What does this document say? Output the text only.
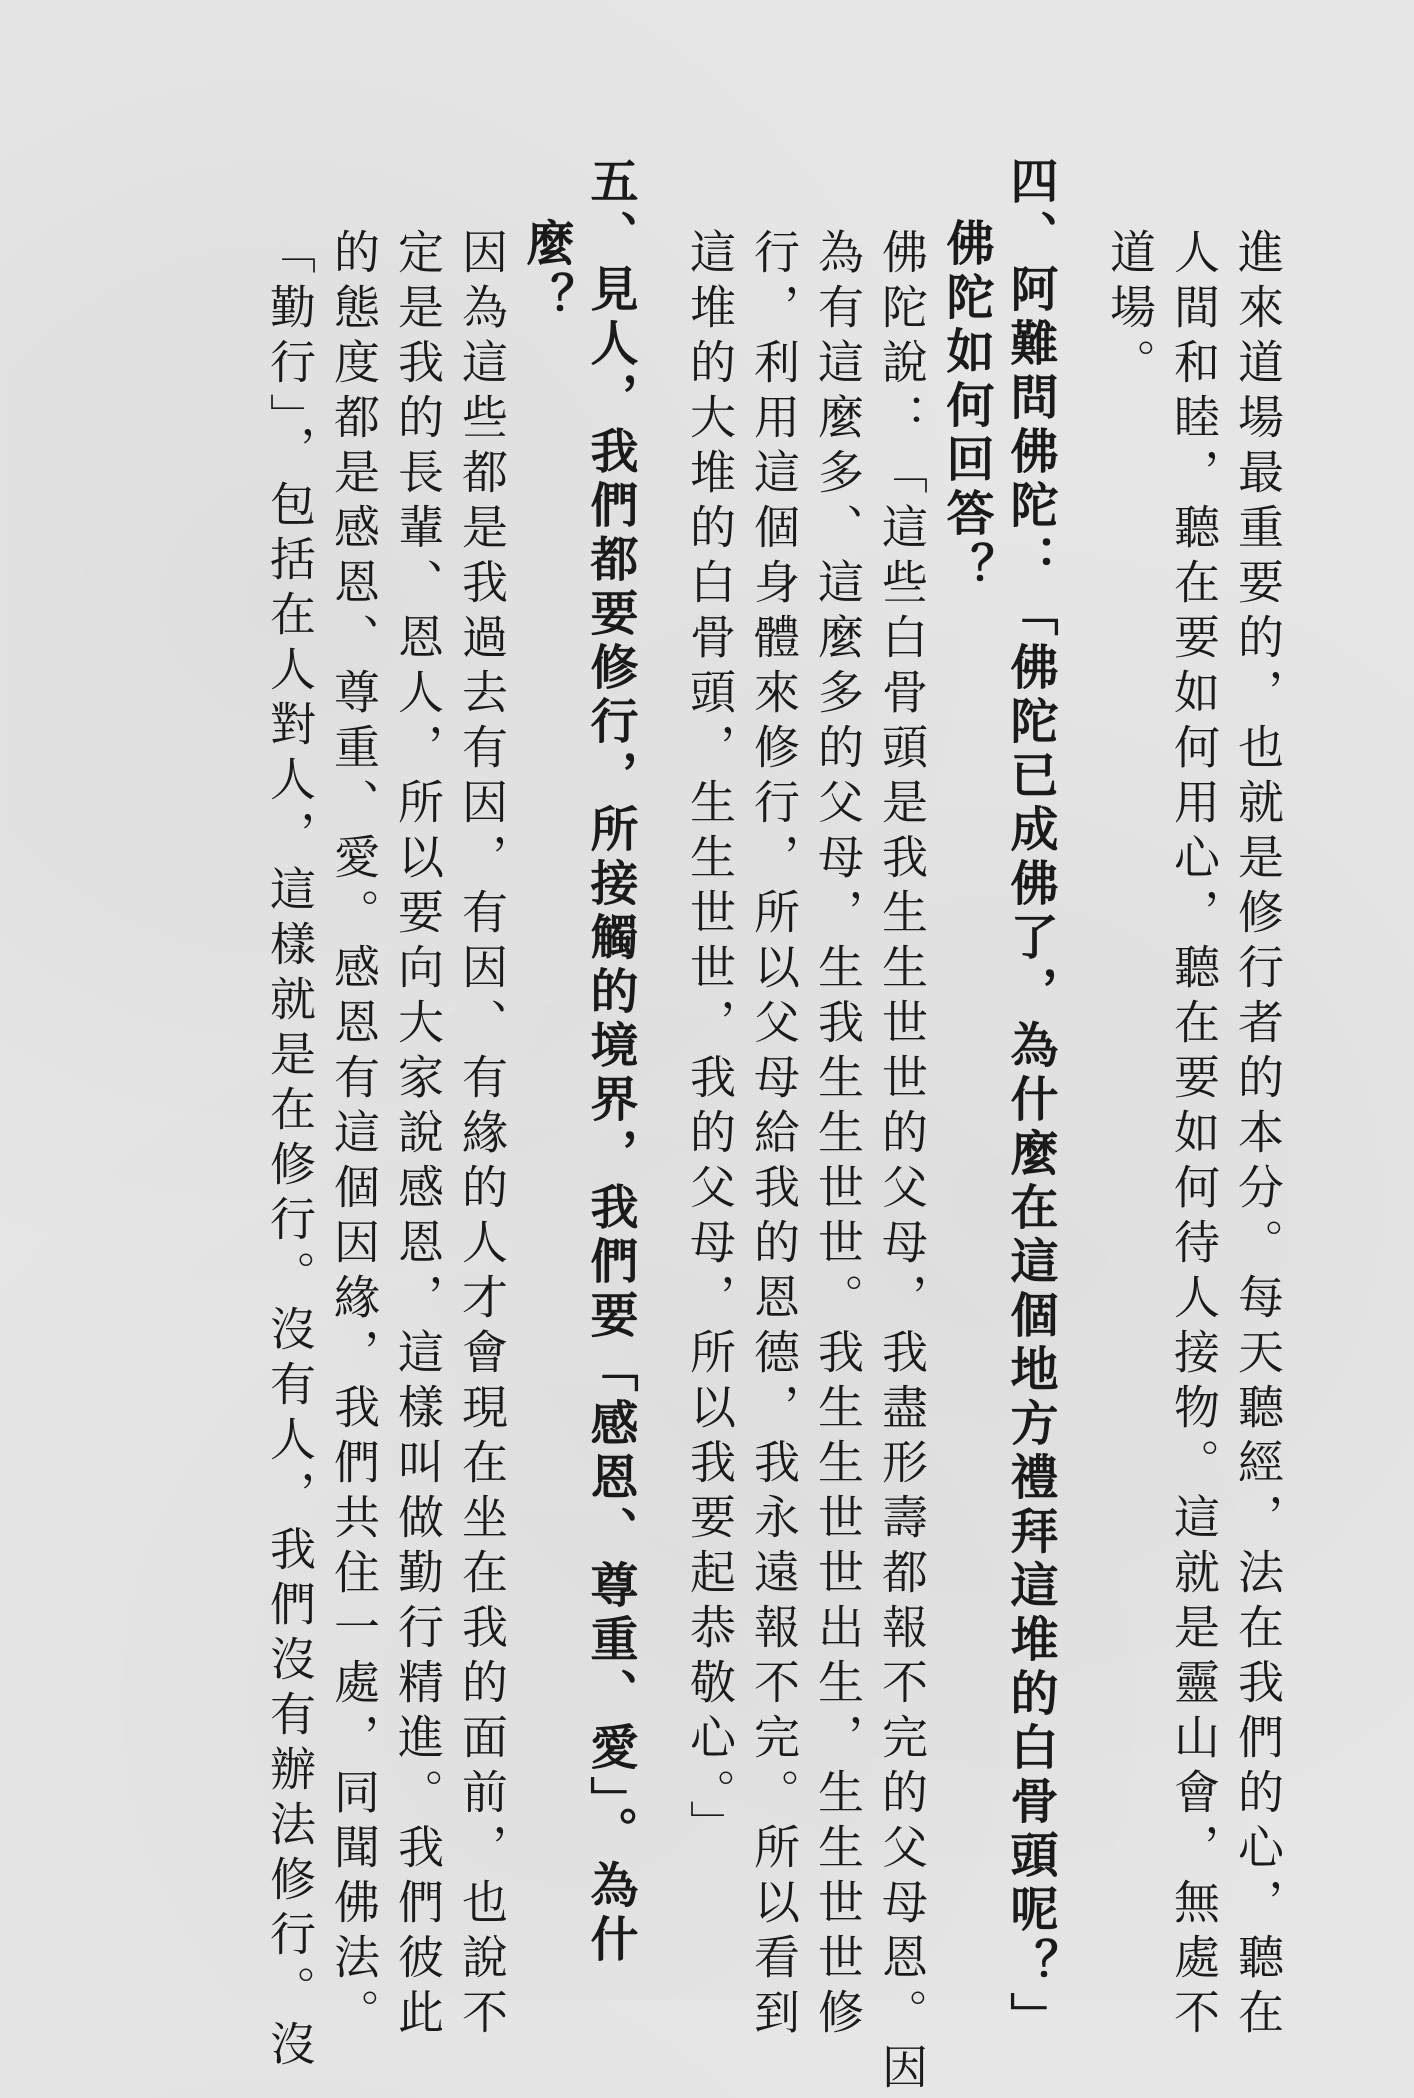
進來道場最重要的，也就是修行者的本分。每天聽經，法在我們的心，聽在

人間和睦，聽在要如何用心，聽在要如何待人接物。這就是靈山會，無處不

道場。

四、阿難問佛陀：「佛陀已成佛了，為什麼在這個地方禮拜這堆的白骨頭呢？」
佛陀如何回答？

佛陀說：「這些白骨頭是我生生世世的父母，我盡形壽都報不完的父母恩。因

為有這麼多、這麼多的父母，生我生生世世。我生生世世出生，生生世世修

行，利用這個身體來修行，所以父母給我的恩德，我永遠報不完。所以看到

這堆的大堆的白骨頭，生生世世，我的父母，所以我要起恭敬心。」

五、見人，我們都要修行，所接觸的境界，我們要「感恩、尊重、愛」。為什
麼？

因為這些都是我過去有因，有因、有緣的人才會現在坐在我的面前，也說不

定是我的長輩、恩人，所以要向大家說感恩，這樣叫做勤行精進。我們彼此

的態度都是感恩、尊重、愛。感恩有這個因緣，我們共住一處，同聞佛法。

「勤行」，包括在人對人，這樣就是在修行。沒有人，我們沒有辦法修行。沒
